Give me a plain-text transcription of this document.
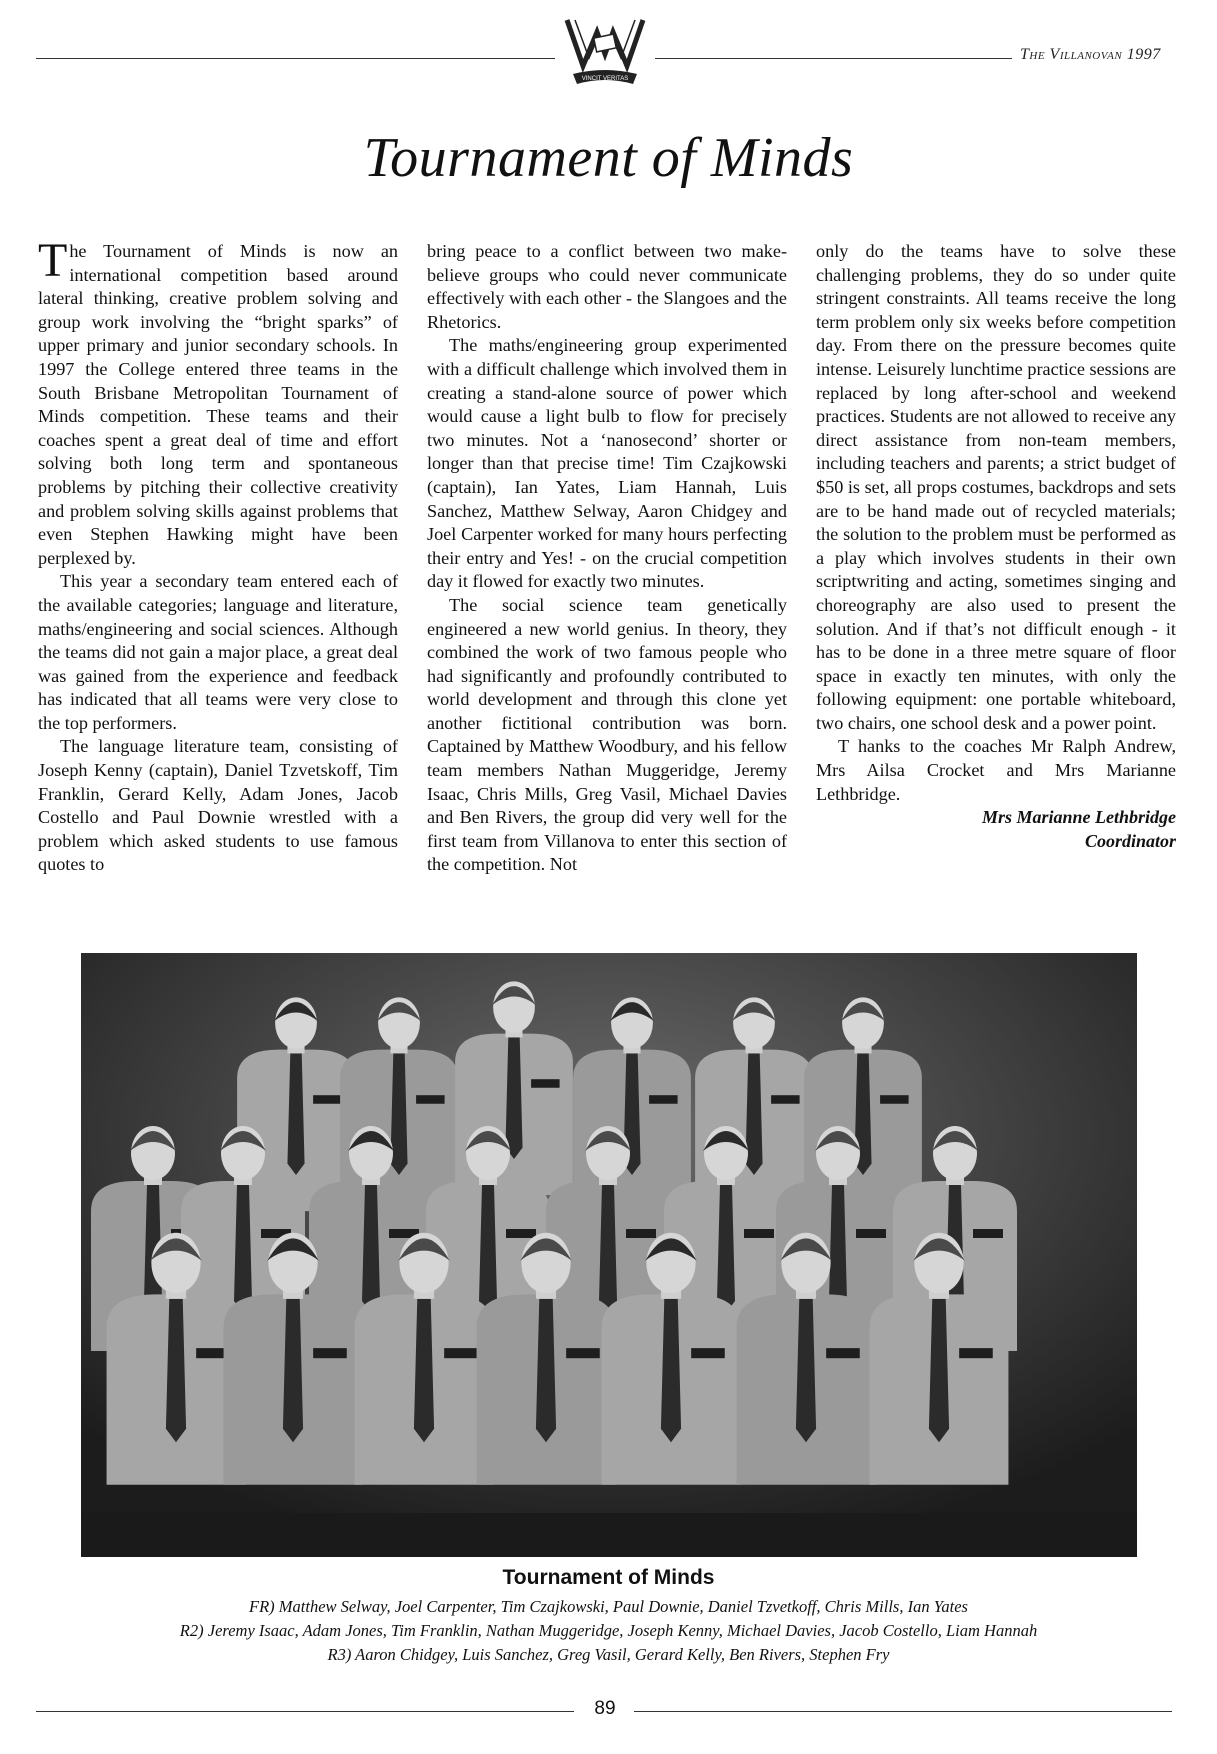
VINCIT VERITAS
The Villanovan 1997
Tournament of Minds

The Tournament of Minds is now an international competition based around lateral thinking, creative problem solving and group work involving the “bright sparks” of upper primary and junior secondary schools. In 1997 the College entered three teams in the South Brisbane Metropolitan Tournament of Minds competition. These teams and their coaches spent a great deal of time and effort solving both long term and spontaneous problems by pitching their collective creativity and problem solving skills against problems that even Stephen Hawking might have been perplexed by.

This year a secondary team entered each of the available categories; language and literature, maths/engineering and social sciences. Although the teams did not gain a major place, a great deal was gained from the experience and feedback has indicated that all teams were very close to the top performers.

The language literature team, consisting of Joseph Kenny (captain), Daniel Tzvetskoff, Tim Franklin, Gerard Kelly, Adam Jones, Jacob Costello and Paul Downie wrestled with a problem which asked students to use famous quotes to

bring peace to a conflict between two make-believe groups who could never communicate effectively with each other - the Slangoes and the Rhetorics.

The maths/engineering group experimented with a difficult challenge which involved them in creating a stand-alone source of power which would cause a light bulb to flow for precisely two minutes. Not a ‘nanosecond’ shorter or longer than that precise time! Tim Czajkowski (captain), Ian Yates, Liam Hannah, Luis Sanchez, Matthew Selway, Aaron Chidgey and Joel Carpenter worked for many hours perfecting their entry and Yes! - on the crucial competition day it flowed for exactly two minutes.

The social science team genetically engineered a new world genius. In theory, they combined the work of two famous people who had significantly and profoundly contributed to world development and through this clone yet another fictitional contribution was born. Captained by Matthew Woodbury, and his fellow team members Nathan Muggeridge, Jeremy Isaac, Chris Mills, Greg Vasil, Michael Davies and Ben Rivers, the group did very well for the first team from Villanova to enter this section of the competition. Not

only do the teams have to solve these challenging problems, they do so under quite stringent constraints. All teams receive the long term problem only six weeks before competition day. From there on the pressure becomes quite intense. Leisurely lunchtime practice sessions are replaced by long after-school and weekend practices. Students are not allowed to receive any direct assistance from non-team members, including teachers and parents; a strict budget of $50 is set, all props costumes, backdrops and sets are to be hand made out of recycled materials; the solution to the problem must be performed as a play which involves students in their own scriptwriting and acting, sometimes singing and choreography are also used to present the solution. And if that’s not difficult enough - it has to be done in a three metre square of floor space in exactly ten minutes, with only the following equipment: one portable whiteboard, two chairs, one school desk and a power point.

T hanks to the coaches Mr Ralph Andrew, Mrs Ailsa Crocket and Mrs Marianne Lethbridge.

Mrs Marianne Lethbridge

Coordinator

Tournament of Minds
FR) Matthew Selway, Joel Carpenter, Tim Czajkowski, Paul Downie, Daniel Tzvetkoff, Chris Mills, Ian Yates
R2) Jeremy Isaac, Adam Jones, Tim Franklin, Nathan Muggeridge, Joseph Kenny, Michael Davies, Jacob Costello, Liam Hannah
R3) Aaron Chidgey, Luis Sanchez, Greg Vasil, Gerard Kelly, Ben Rivers, Stephen Fry
89
